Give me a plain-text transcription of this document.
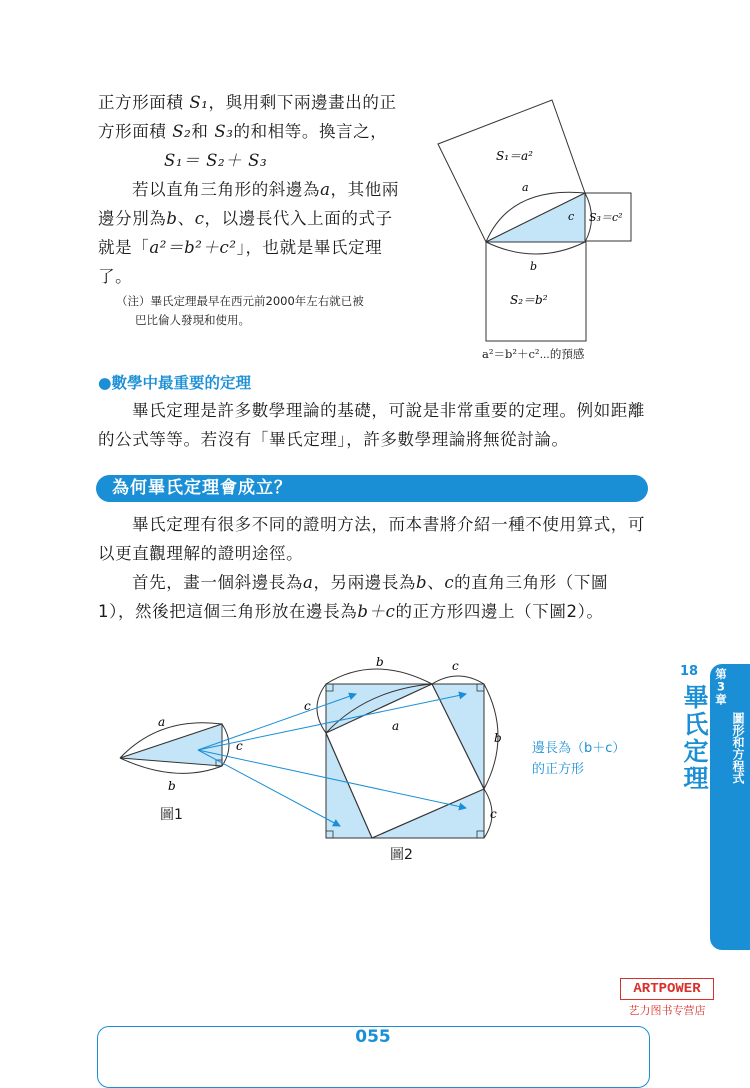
正方形面積 S₁，與用剩下兩邊畫出的正
方形面積 S₂和 S₃的和相等。換言之，
S₁＝ S₂＋ S₃
若以直角三角形的斜邊為a，其他兩
邊分別為b、c，以邊長代入上面的式子
就是「a²＝b²＋c²」，也就是畢氏定理
了。
（注）畢氏定理最早在西元前2000年左右就已被
巴比倫人發現和使用。
S₁＝a²
S₃＝c²
S₂＝b²
a
b
c
a²＝b²＋c²⋯的預感
●數學中最重要的定理
畢氏定理是許多數學理論的基礎，可說是非常重要的定理。例如距離
的公式等等。若沒有「畢氏定理」，許多數學理論將無從討論。
為何畢氏定理會成立？
畢氏定理有很多不同的證明方法，而本書將介紹一種不使用算式，可
以更直觀理解的證明途徑。
首先，畫一個斜邊長為a，另兩邊長為b、c的直角三角形（下圖
1），然後把這個三角形放在邊長為b＋c的正方形四邊上（下圖2）。
a
b
c
b	c
c
a
b
c
圖1
圖2
邊長為（b＋c）
的正方形
18
畢氏定理 第3章
圖形和方程式
ARTPOWER
艺力图书专营店
055
